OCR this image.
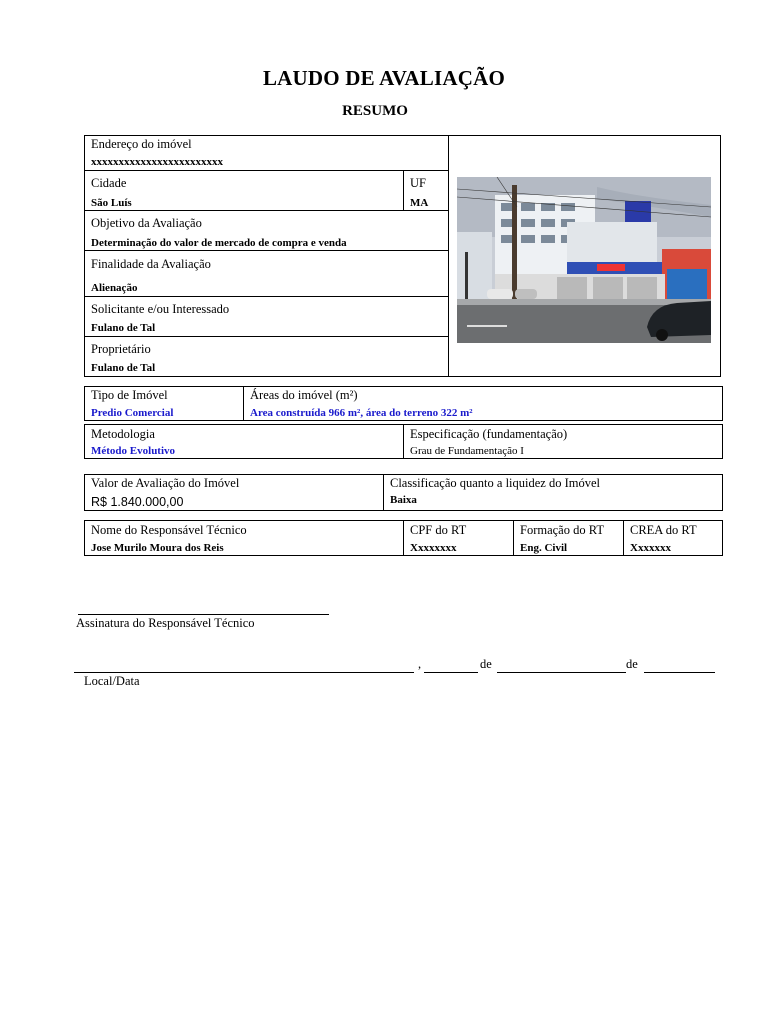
LAUDO DE AVALIAÇÃO
RESUMO
Endereço do imóvel
xxxxxxxxxxxxxxxxxxxxxxxx
Cidade
São Luís
UF
MA
Objetivo da Avaliação
Determinação do valor de mercado de compra e venda
Finalidade da Avaliação
Alienação
Solicitante e/ou Interessado
Fulano de Tal
Proprietário
Fulano de Tal
Tipo de Imóvel
Predio Comercial
Áreas do imóvel (m²)
Area construída 966 m², área do terreno 322 m²
Metodologia
Método Evolutivo
Especificação (fundamentação)
Grau de Fundamentação I
Valor de Avaliação do Imóvel
R$ 1.840.000,00
Classificação quanto a liquidez do Imóvel
Baixa
Nome do Responsável Técnico
Jose Murilo Moura dos Reis
CPF do RT
Xxxxxxxx
Formação do RT
Eng. Civil
CREA do RT
Xxxxxxx
Assinatura do Responsável Técnico
,	de	de
Local/Data
